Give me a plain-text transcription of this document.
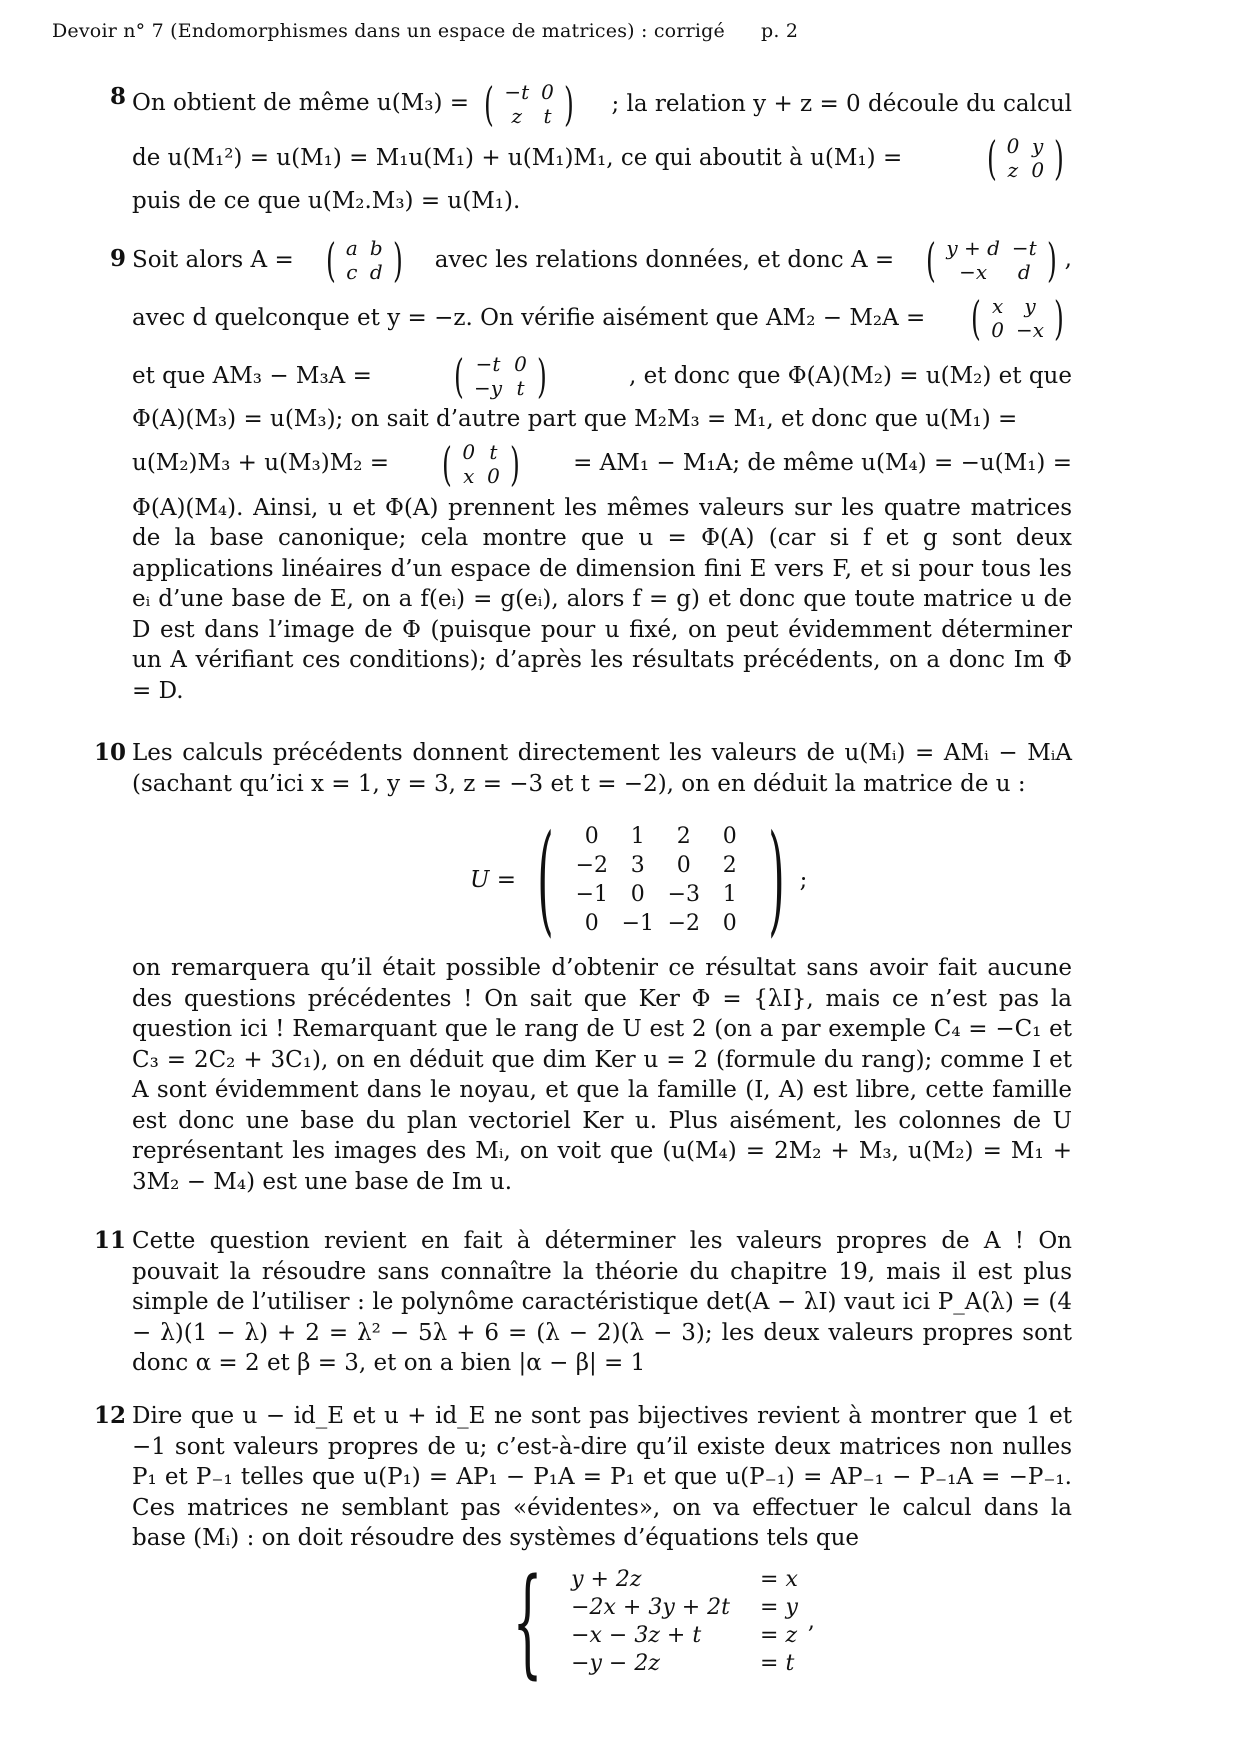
Devoir n° 7 (Endomorphismes dans un espace de matrices) : corrigé p. 2
8 On obtient de même u(M₃) = ( −t	0
z	t ) ; la relation y + z = 0 découle du calcul
de u(M₁²) = u(M₁) = M₁u(M₁) + u(M₁)M₁, ce qui aboutit à u(M₁) = ( 0	y
z	0 )
puis de ce que u(M₂.M₃) = u(M₁).
9 Soit alors A = ( a	b
c	d ) avec les relations données, et donc A = ( y + d	−t
−x	d ) ,
avec d quelconque et y = −z. On vérifie aisément que AM₂ − M₂A = ( x	y
0	−x )
et que AM₃ − M₃A = ( −t	0
−y	t )	, et donc que Φ(A)(M₂) = u(M₂) et que
Φ(A)(M₃) = u(M₃); on sait d’autre part que M₂M₃ = M₁, et donc que u(M₁) =
u(M₂)M₃ + u(M₃)M₂ = ( 0	t
x	0 ) = AM₁ − M₁A; de même u(M₄) = −u(M₁) =
Φ(A)(M₄). Ainsi, u et Φ(A) prennent les mêmes valeurs sur les quatre matrices de la base canonique; cela montre que u = Φ(A) (car si f et g sont deux applications linéaires d’un espace de dimension fini E vers F, et si pour tous les eᵢ d’une base de E, on a f(eᵢ) = g(eᵢ), alors f = g) et donc que toute matrice u de D est dans l’image de Φ (puisque pour u fixé, on peut évidemment déterminer un A vérifiant ces conditions); d’après les résultats précédents, on a donc Im Φ = D.
10 Les calculs précédents donnent directement les valeurs de u(Mᵢ) = AMᵢ − MᵢA (sachant qu’ici x = 1, y = 3, z = −3 et t = −2), on en déduit la matrice de u :
U = ( 0	1	2	0
−2	3	0	2
−1	0	−3	1
0	−1	−2	0 ) ;
on remarquera qu’il était possible d’obtenir ce résultat sans avoir fait aucune des questions précédentes ! On sait que Ker Φ = {λI}, mais ce n’est pas la question ici ! Remarquant que le rang de U est 2 (on a par exemple C₄ = −C₁ et C₃ = 2C₂ + 3C₁), on en déduit que dim Ker u = 2 (formule du rang); comme I et A sont évidemment dans le noyau, et que la famille (I, A) est libre, cette famille est donc une base du plan vectoriel Ker u. Plus aisément, les colonnes de U représentant les images des Mᵢ, on voit que (u(M₄) = 2M₂ + M₃, u(M₂) = M₁ + 3M₂ − M₄) est une base de Im u.
11 Cette question revient en fait à déterminer les valeurs propres de A ! On pouvait la résoudre sans connaître la théorie du chapitre 19, mais il est plus simple de l’utiliser : le polynôme caractéristique det(A − λI) vaut ici P_A(λ) = (4 − λ)(1 − λ) + 2 = λ² − 5λ + 6 = (λ − 2)(λ − 3); les deux valeurs propres sont donc α = 2 et β = 3, et on a bien |α − β| = 1
12 Dire que u − id_E et u + id_E ne sont pas bijectives revient à montrer que 1 et −1 sont valeurs propres de u; c’est-à-dire qu’il existe deux matrices non nulles P₁ et P₋₁ telles que u(P₁) = AP₁ − P₁A = P₁ et que u(P₋₁) = AP₋₁ − P₋₁A = −P₋₁. Ces matrices ne semblant pas «évidentes», on va effectuer le calcul dans la base (Mᵢ) : on doit résoudre des systèmes d’équations tels que
{ y + 2z	= x
−2x + 3y + 2t	= y
−x − 3z + t	= z
−y − 2z	= t
,
